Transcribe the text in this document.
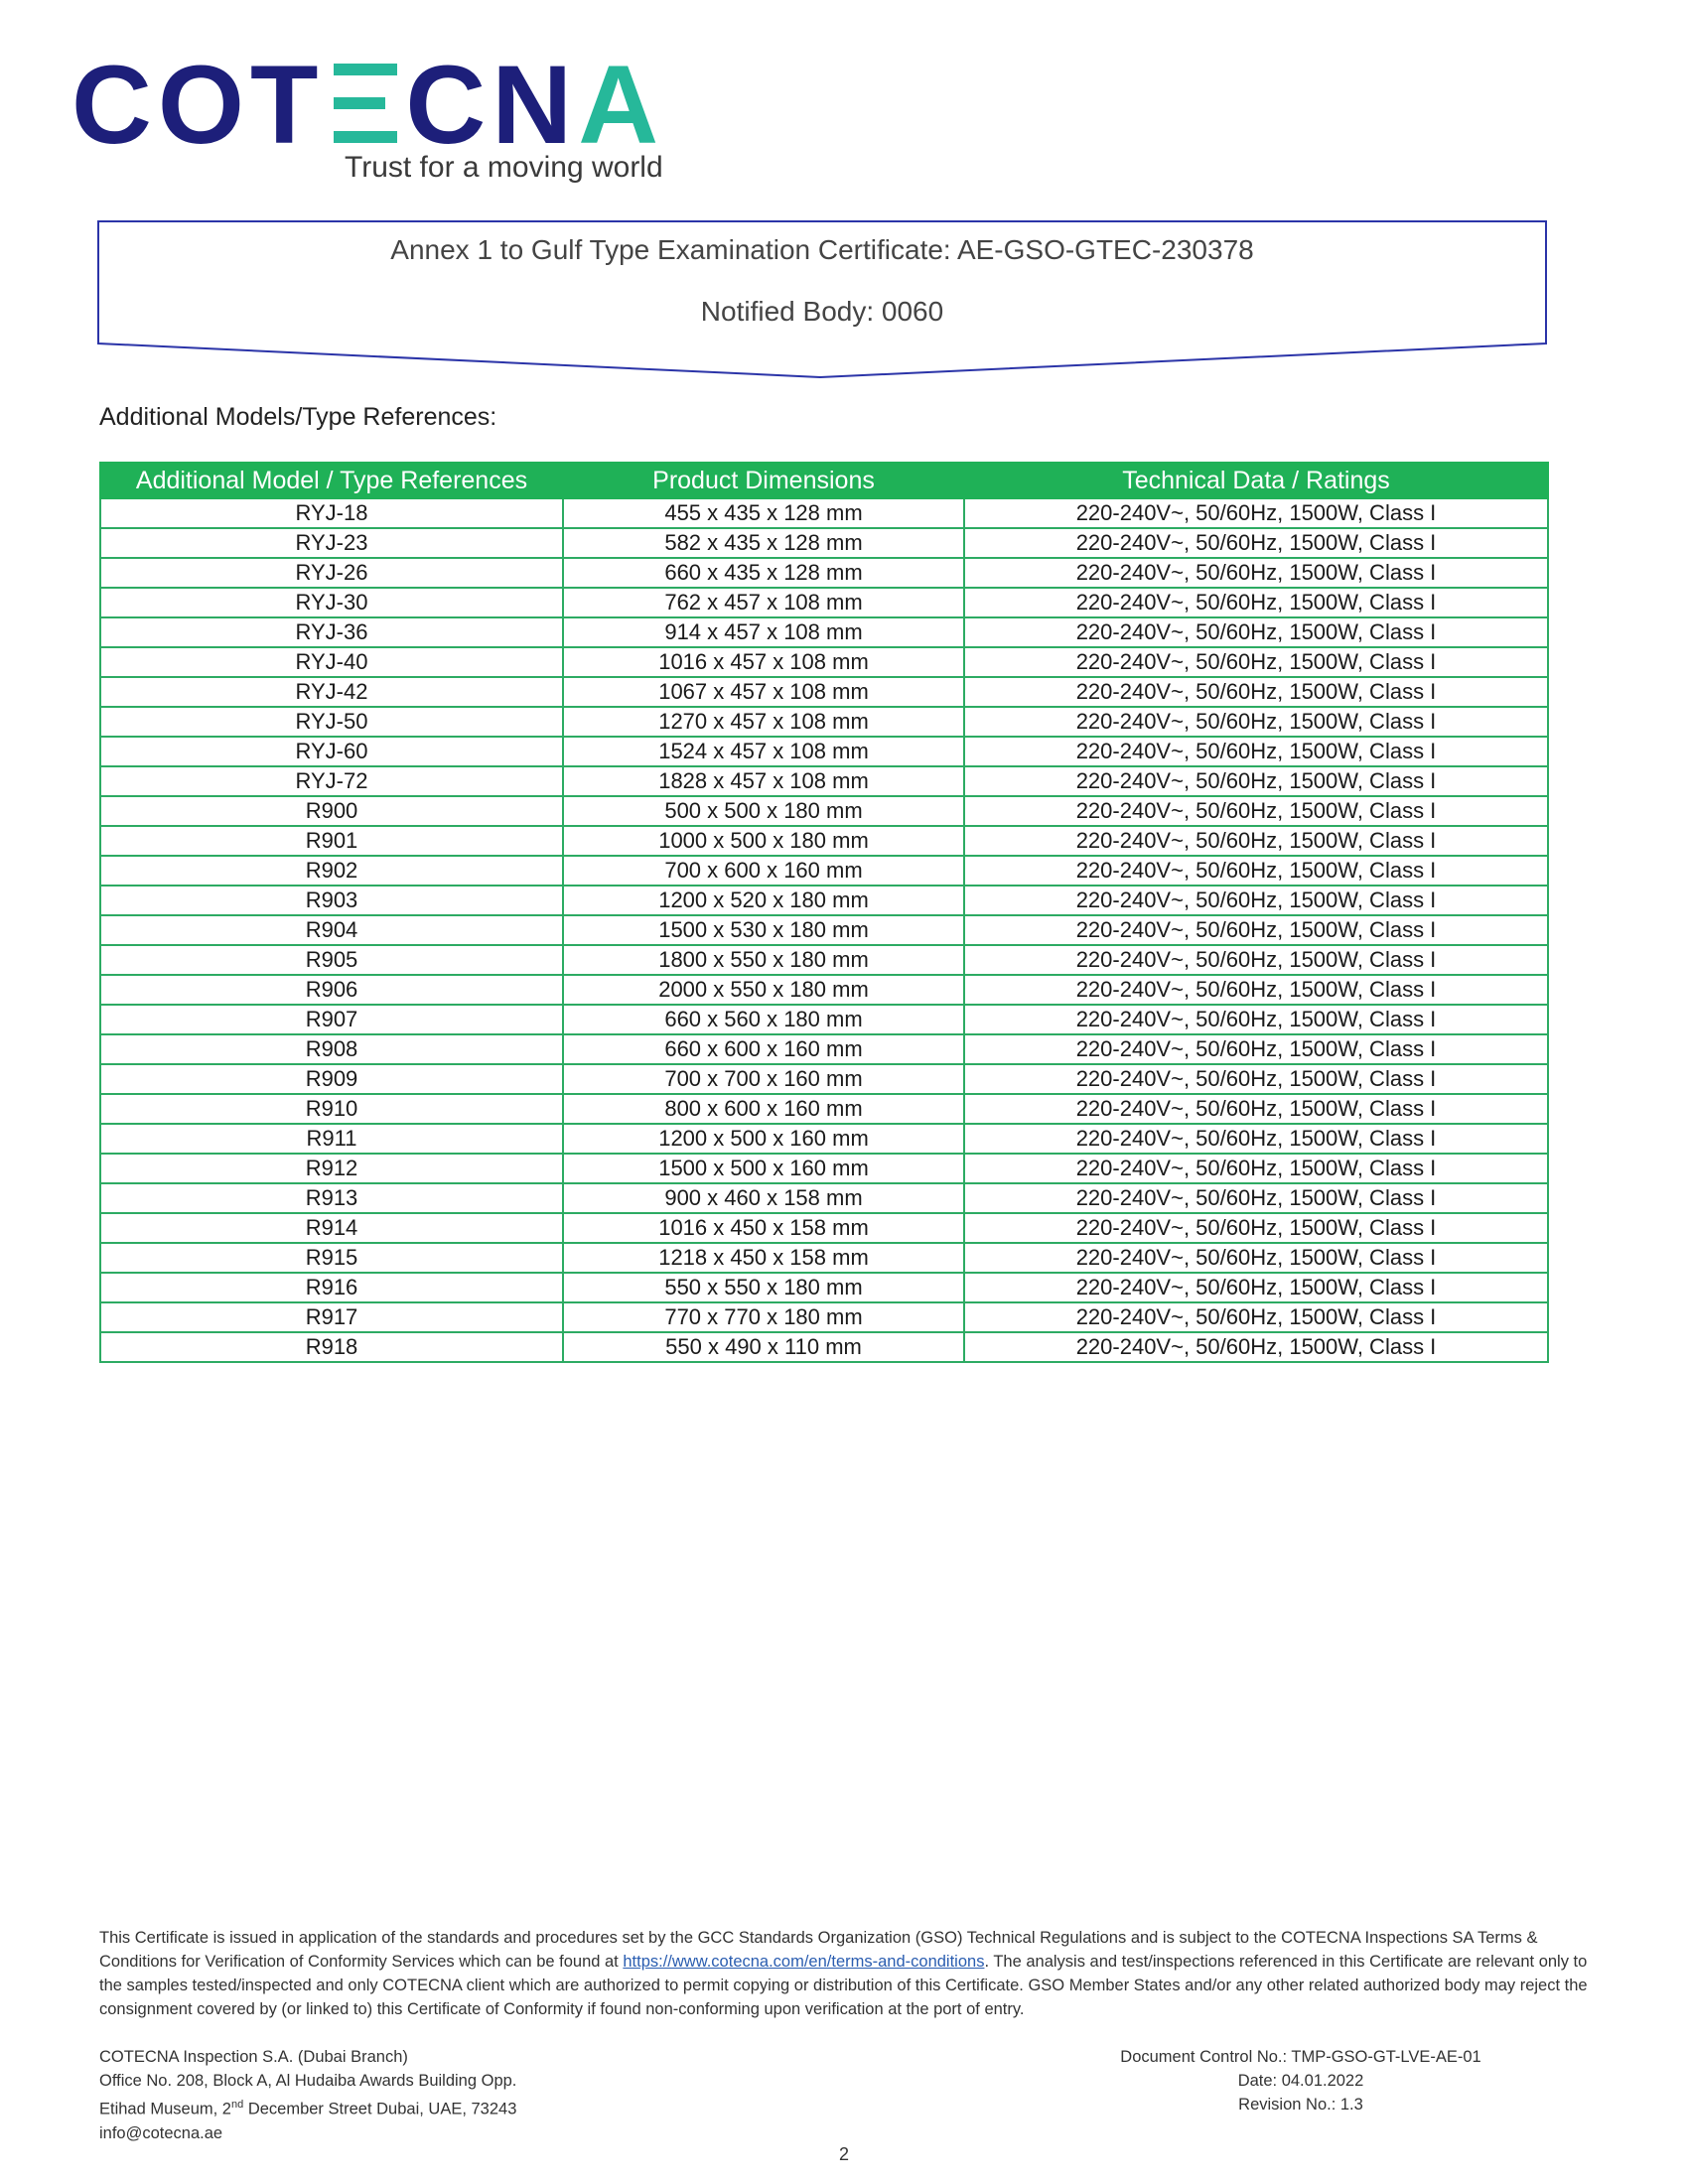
COT CNA
Trust for a moving world
Annex 1 to Gulf Type Examination Certificate: AE-GSO-GTEC-230378
Notified Body: 0060
Additional Models/Type References:
Additional Model / Type References	Product Dimensions	Technical Data / Ratings
RYJ-18	455 x 435 x 128 mm	220-240V~, 50/60Hz, 1500W, Class I
RYJ-23	582 x 435 x 128 mm	220-240V~, 50/60Hz, 1500W, Class I
RYJ-26	660 x 435 x 128 mm	220-240V~, 50/60Hz, 1500W, Class I
RYJ-30	762 x 457 x 108 mm	220-240V~, 50/60Hz, 1500W, Class I
RYJ-36	914 x 457 x 108 mm	220-240V~, 50/60Hz, 1500W, Class I
RYJ-40	1016 x 457 x 108 mm	220-240V~, 50/60Hz, 1500W, Class I
RYJ-42	1067 x 457 x 108 mm	220-240V~, 50/60Hz, 1500W, Class I
RYJ-50	1270 x 457 x 108 mm	220-240V~, 50/60Hz, 1500W, Class I
RYJ-60	1524 x 457 x 108 mm	220-240V~, 50/60Hz, 1500W, Class I
RYJ-72	1828 x 457 x 108 mm	220-240V~, 50/60Hz, 1500W, Class I
R900	500 x 500 x 180 mm	220-240V~, 50/60Hz, 1500W, Class I
R901	1000 x 500 x 180 mm	220-240V~, 50/60Hz, 1500W, Class I
R902	700 x 600 x 160 mm	220-240V~, 50/60Hz, 1500W, Class I
R903	1200 x 520 x 180 mm	220-240V~, 50/60Hz, 1500W, Class I
R904	1500 x 530 x 180 mm	220-240V~, 50/60Hz, 1500W, Class I
R905	1800 x 550 x 180 mm	220-240V~, 50/60Hz, 1500W, Class I
R906	2000 x 550 x 180 mm	220-240V~, 50/60Hz, 1500W, Class I
R907	660 x 560 x 180 mm	220-240V~, 50/60Hz, 1500W, Class I
R908	660 x 600 x 160 mm	220-240V~, 50/60Hz, 1500W, Class I
R909	700 x 700 x 160 mm	220-240V~, 50/60Hz, 1500W, Class I
R910	800 x 600 x 160 mm	220-240V~, 50/60Hz, 1500W, Class I
R911	1200 x 500 x 160 mm	220-240V~, 50/60Hz, 1500W, Class I
R912	1500 x 500 x 160 mm	220-240V~, 50/60Hz, 1500W, Class I
R913	900 x 460 x 158 mm	220-240V~, 50/60Hz, 1500W, Class I
R914	1016 x 450 x 158 mm	220-240V~, 50/60Hz, 1500W, Class I
R915	1218 x 450 x 158 mm	220-240V~, 50/60Hz, 1500W, Class I
R916	550 x 550 x 180 mm	220-240V~, 50/60Hz, 1500W, Class I
R917	770 x 770 x 180 mm	220-240V~, 50/60Hz, 1500W, Class I
R918	550 x 490 x 110 mm	220-240V~, 50/60Hz, 1500W, Class I
This Certificate is issued in application of the standards and procedures set by the GCC Standards Organization (GSO) Technical Regulations and is subject to the COTECNA Inspections SA Terms & Conditions for Verification of Conformity Services which can be found at https://www.cotecna.com/en/terms-and-conditions. The analysis and test/inspections referenced in this Certificate are relevant only to the samples tested/inspected and only COTECNA client which are authorized to permit copying or distribution of this Certificate. GSO Member States and/or any other related authorized body may reject the consignment covered by (or linked to) this Certificate of Conformity if found non-conforming upon verification at the port of entry.
COTECNA Inspection S.A. (Dubai Branch)
Office No. 208, Block A, Al Hudaiba Awards Building Opp.
Etihad Museum, 2nd December Street Dubai, UAE, 73243
info@cotecna.ae
Document Control No.: TMP-GSO-GT-LVE-AE-01
Date: 04.01.2022
Revision No.: 1.3
2
